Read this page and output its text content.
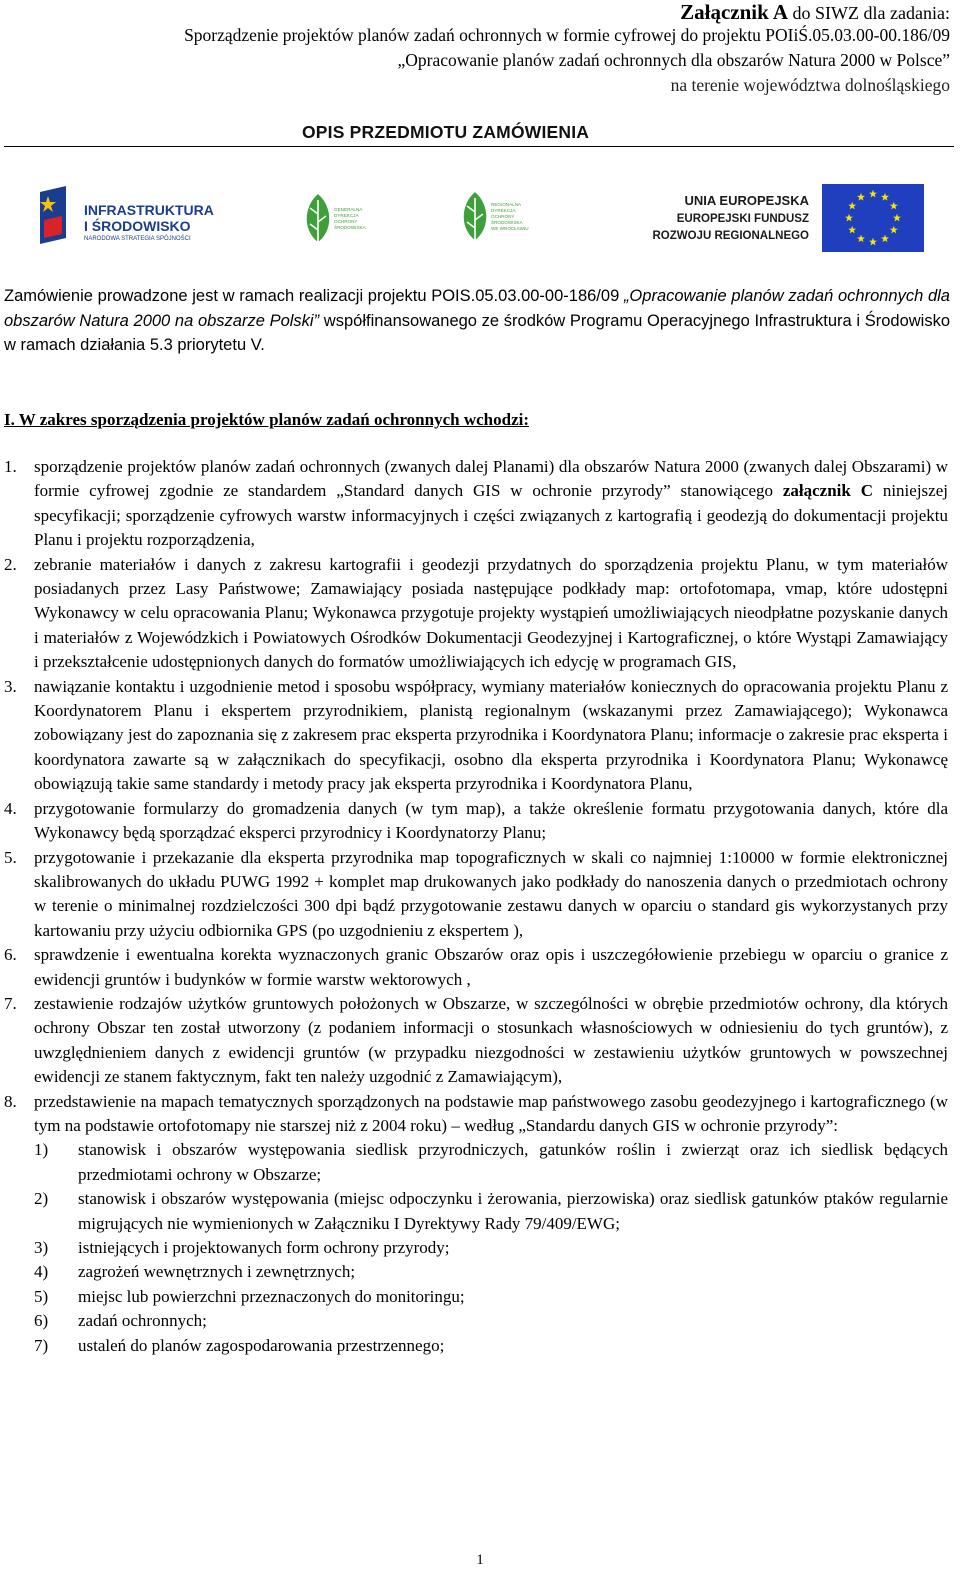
Załącznik A do SIWZ dla zadania:
Sporządzenie projektów planów zadań ochronnych w formie cyfrowej do projektu POIiŚ.05.03.00-00.186/09
„Opracowanie planów zadań ochronnych dla obszarów Natura 2000 w Polsce”
na terenie województwa dolnośląskiego
OPIS PRZEDMIOTU ZAMÓWIENIA
INFRASTRUKTURA
I ŚRODOWISKO
NARODOWA STRATEGIA SPÓJNOŚCI
GENERALNA
DYREKCJA
OCHRONY
ŚRODOWISKA
REGIONALNA
DYREKCJA
OCHRONY
ŚRODOWISKA
WE WROCŁAWIU
UNIA EUROPEJSKA
EUROPEJSKI FUNDUSZ
ROZWOJU REGIONALNEGO

Zamówienie prowadzone jest w ramach realizacji projektu POIS.05.03.00-00-186/09 „Opracowanie planów zadań ochronnych dla obszarów Natura 2000 na obszarze Polski” współfinansowanego ze środków Programu Operacyjnego Infrastruktura i Środowisko w ramach działania 5.3 priorytetu V.

I. W zakres sporządzenia projektów planów zadań ochronnych wchodzi:
1. sporządzenie projektów planów zadań ochronnych (zwanych dalej Planami) dla obszarów Natura 2000 (zwanych dalej Obszarami) w formie cyfrowej zgodnie ze standardem „Standard danych GIS w ochronie przyrody” stanowiącego załącznik C niniejszej specyfikacji; sporządzenie cyfrowych warstw informacyjnych i części związanych z kartografią i geodezją do dokumentacji projektu Planu i projektu rozporządzenia,
2. zebranie materiałów i danych z zakresu kartografii i geodezji przydatnych do sporządzenia projektu Planu, w tym materiałów posiadanych przez Lasy Państwowe; Zamawiający posiada następujące podkłady map: ortofotomapa, vmap, które udostępni Wykonawcy w celu opracowania Planu; Wykonawca przygotuje projekty wystąpień umożliwiających nieodpłatne pozyskanie danych i materiałów z Wojewódzkich i Powiatowych Ośrodków Dokumentacji Geodezyjnej i Kartograficznej, o które Wystąpi Zamawiający i przekształcenie udostępnionych danych do formatów umożliwiających ich edycję w programach GIS,
3. nawiązanie kontaktu i uzgodnienie metod i sposobu współpracy, wymiany materiałów koniecznych do opracowania projektu Planu z Koordynatorem Planu i ekspertem przyrodnikiem, planistą regionalnym (wskazanymi przez Zamawiającego); Wykonawca zobowiązany jest do zapoznania się z zakresem prac eksperta przyrodnika i Koordynatora Planu; informacje o zakresie prac eksperta i koordynatora zawarte są w załącznikach do specyfikacji, osobno dla eksperta przyrodnika i Koordynatora Planu; Wykonawcę obowiązują takie same standardy i metody pracy jak eksperta przyrodnika i Koordynatora Planu,
4. przygotowanie formularzy do gromadzenia danych (w tym map), a także określenie formatu przygotowania danych, które dla Wykonawcy będą sporządzać eksperci przyrodnicy i Koordynatorzy Planu;
5. przygotowanie i przekazanie dla eksperta przyrodnika map topograficznych w skali co najmniej 1:10000 w formie elektronicznej skalibrowanych do układu PUWG 1992 + komplet map drukowanych jako podkłady do nanoszenia danych o przedmiotach ochrony w terenie o minimalnej rozdzielczości 300 dpi bądź przygotowanie zestawu danych w oparciu o standard gis wykorzystanych przy kartowaniu przy użyciu odbiornika GPS (po uzgodnieniu z ekspertem ),
6. sprawdzenie i ewentualna korekta wyznaczonych granic Obszarów oraz opis i uszczegółowienie przebiegu w oparciu o granice z ewidencji gruntów i budynków w formie warstw wektorowych ,
7. zestawienie rodzajów użytków gruntowych położonych w Obszarze, w szczególności w obrębie przedmiotów ochrony, dla których ochrony Obszar ten został utworzony (z podaniem informacji o stosunkach własnościowych w odniesieniu do tych gruntów), z uwzględnieniem danych z ewidencji gruntów (w przypadku niezgodności w zestawieniu użytków gruntowych w powszechnej ewidencji ze stanem faktycznym, fakt ten należy uzgodnić z Zamawiającym),
8. przedstawienie na mapach tematycznych sporządzonych na podstawie map państwowego zasobu geodezyjnego i kartograficznego (w tym na podstawie ortofotomapy nie starszej niż z 2004 roku) – według „Standardu danych GIS w ochronie przyrody”:
1) stanowisk i obszarów występowania siedlisk przyrodniczych, gatunków roślin i zwierząt oraz ich siedlisk będących przedmiotami ochrony w Obszarze;
2) stanowisk i obszarów występowania (miejsc odpoczynku i żerowania, pierzowiska) oraz siedlisk gatunków ptaków regularnie migrujących nie wymienionych w Załączniku I Dyrektywy Rady 79/409/EWG;
3) istniejących i projektowanych form ochrony przyrody;
4) zagrożeń wewnętrznych i zewnętrznych;
5) miejsc lub powierzchni przeznaczonych do monitoringu;
6) zadań ochronnych;
7) ustaleń do planów zagospodarowania przestrzennego;
1
